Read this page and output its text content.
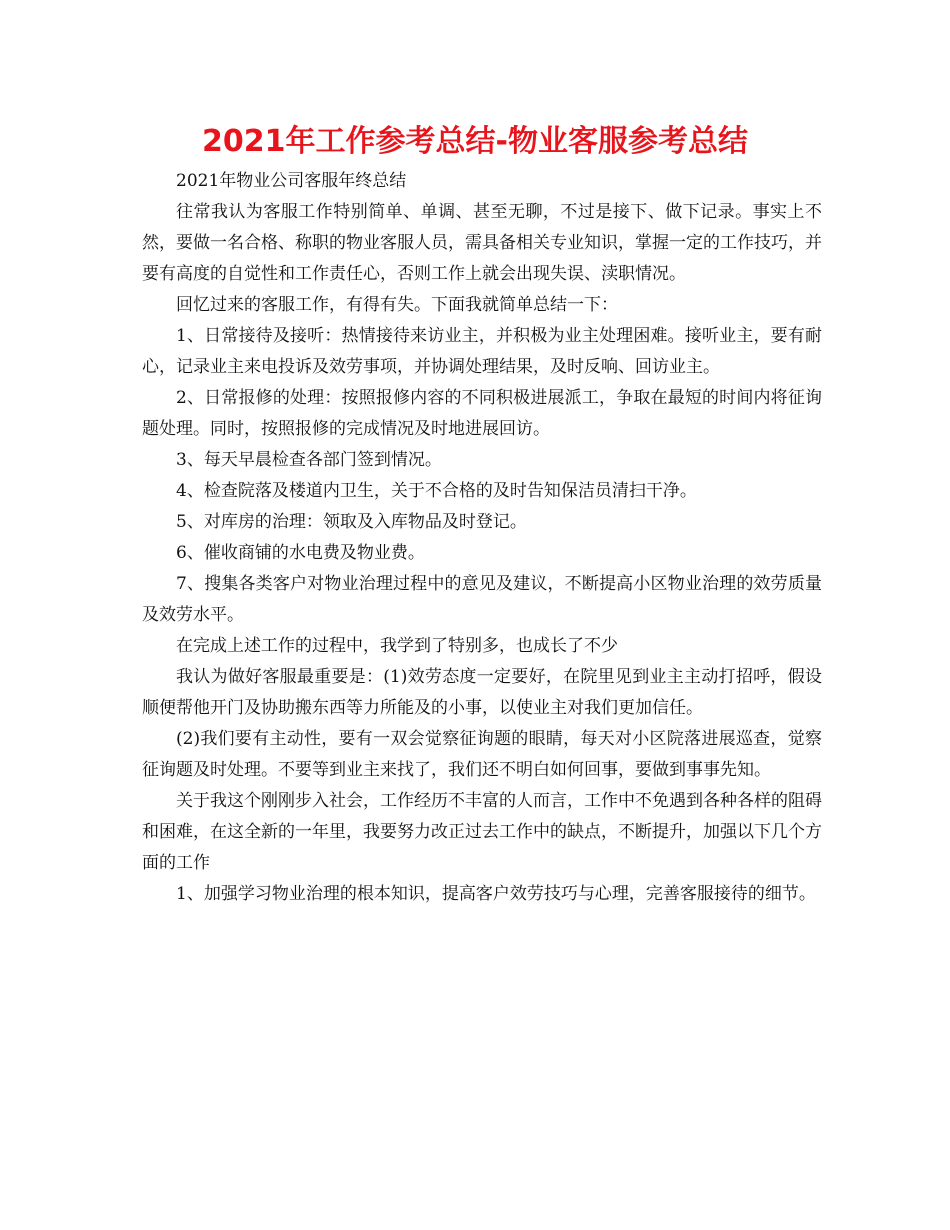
2021年工作参考总结-物业客服参考总结

2021年物业公司客服年终总结

往常我认为客服工作特别简单、单调、甚至无聊，不过是接下、做下记录。事实上不然，要做一名合格、称职的物业客服人员，需具备相关专业知识，掌握一定的工作技巧，并要有高度的自觉性和工作责任心，否则工作上就会出现失误、渎职情况。

回忆过来的客服工作，有得有失。下面我就简单总结一下：

1、日常接待及接听：热情接待来访业主，并积极为业主处理困难。接听业主，要有耐心，记录业主来电投诉及效劳事项，并协调处理结果，及时反响、回访业主。

2、日常报修的处理：按照报修内容的不同积极进展派工，争取在最短的时间内将征询题处理。同时，按照报修的完成情况及时地进展回访。

3、每天早晨检查各部门签到情况。

4、检查院落及楼道内卫生，关于不合格的及时告知保洁员清扫干净。

5、对库房的治理：领取及入库物品及时登记。

6、催收商铺的水电费及物业费。

7、搜集各类客户对物业治理过程中的意见及建议，不断提高小区物业治理的效劳质量及效劳水平。

在完成上述工作的过程中，我学到了特别多，也成长了不少

我认为做好客服最重要是：(1)效劳态度一定要好，在院里见到业主主动打招呼，假设顺便帮他开门及协助搬东西等力所能及的小事，以使业主对我们更加信任。

(2)我们要有主动性，要有一双会觉察征询题的眼睛，每天对小区院落进展巡查，觉察征询题及时处理。不要等到业主来找了，我们还不明白如何回事，要做到事事先知。

关于我这个刚刚步入社会，工作经历不丰富的人而言，工作中不免遇到各种各样的阻碍和困难，在这全新的一年里，我要努力改正过去工作中的缺点，不断提升，加强以下几个方面的工作

1、加强学习物业治理的根本知识，提高客户效劳技巧与心理，完善客服接待的细节。
